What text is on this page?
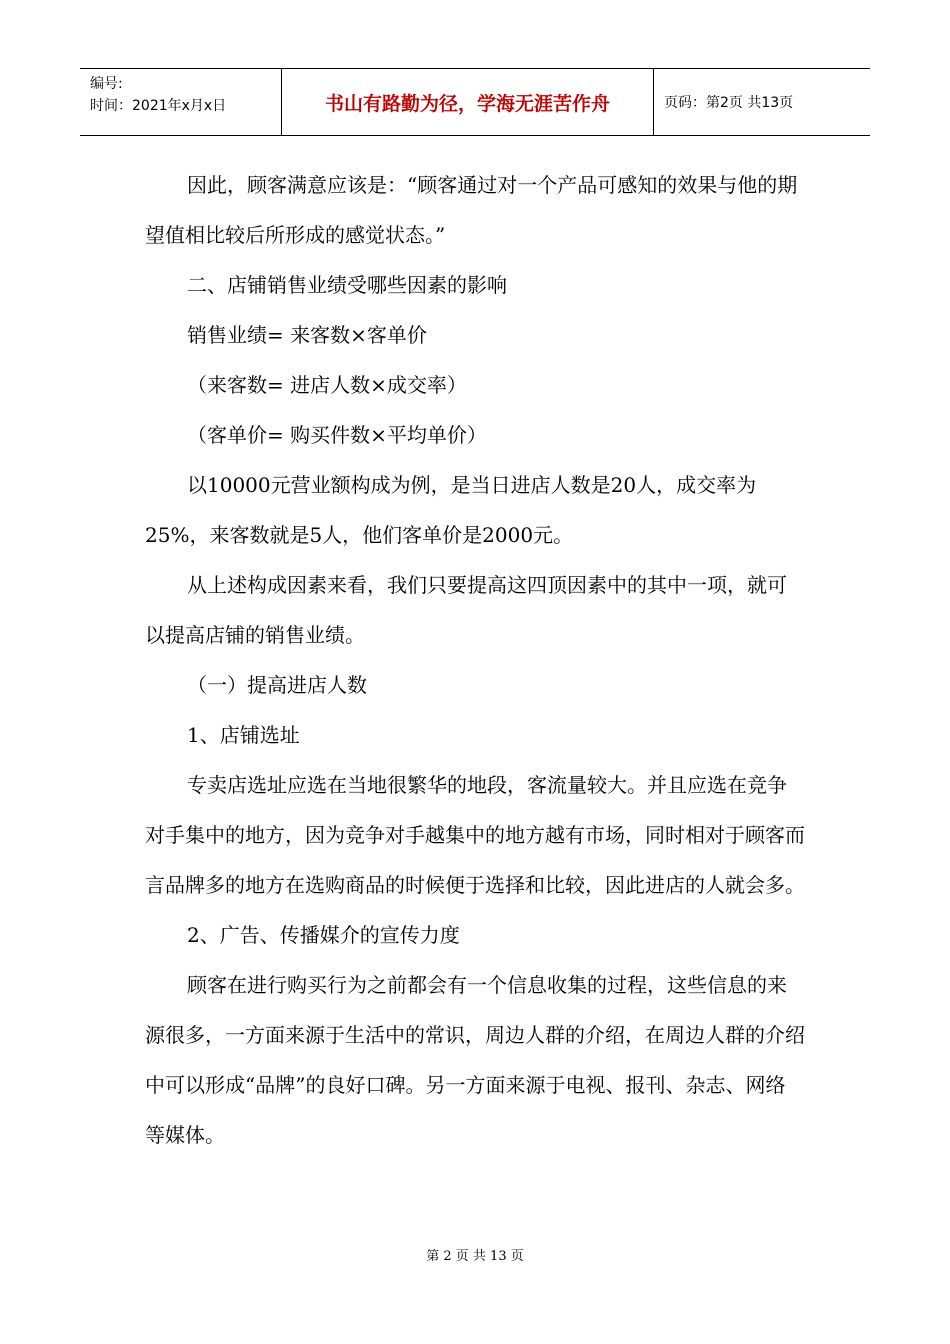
编号:
时间：2021年x月x日	书山有路勤为径，学海无涯苦作舟	页码：第2页 共13页

因此，顾客满意应该是：“顾客通过对一个产品可感知的效果与他的期望值相比较后所形成的感觉状态。”

二、店铺销售业绩受哪些因素的影响

销售业绩= 来客数×客单价

（来客数= 进店人数×成交率）

（客单价= 购买件数×平均单价）

以10000元营业额构成为例，是当日进店人数是20人，成交率为25%，来客数就是5人，他们客单价是2000元。

从上述构成因素来看，我们只要提高这四顶因素中的其中一项，就可以提高店铺的销售业绩。

（一）提高进店人数

1、店铺选址

专卖店选址应选在当地很繁华的地段，客流量较大。并且应选在竞争对手集中的地方，因为竞争对手越集中的地方越有市场，同时相对于顾客而言品牌多的地方在选购商品的时候便于选择和比较，因此进店的人就会多。

2、广告、传播媒介的宣传力度

顾客在进行购买行为之前都会有一个信息收集的过程，这些信息的来源很多，一方面来源于生活中的常识，周边人群的介绍，在周边人群的介绍中可以形成“品牌”的良好口碑。另一方面来源于电视、报刊、杂志、网络等媒体。

第 2 页 共 13 页
